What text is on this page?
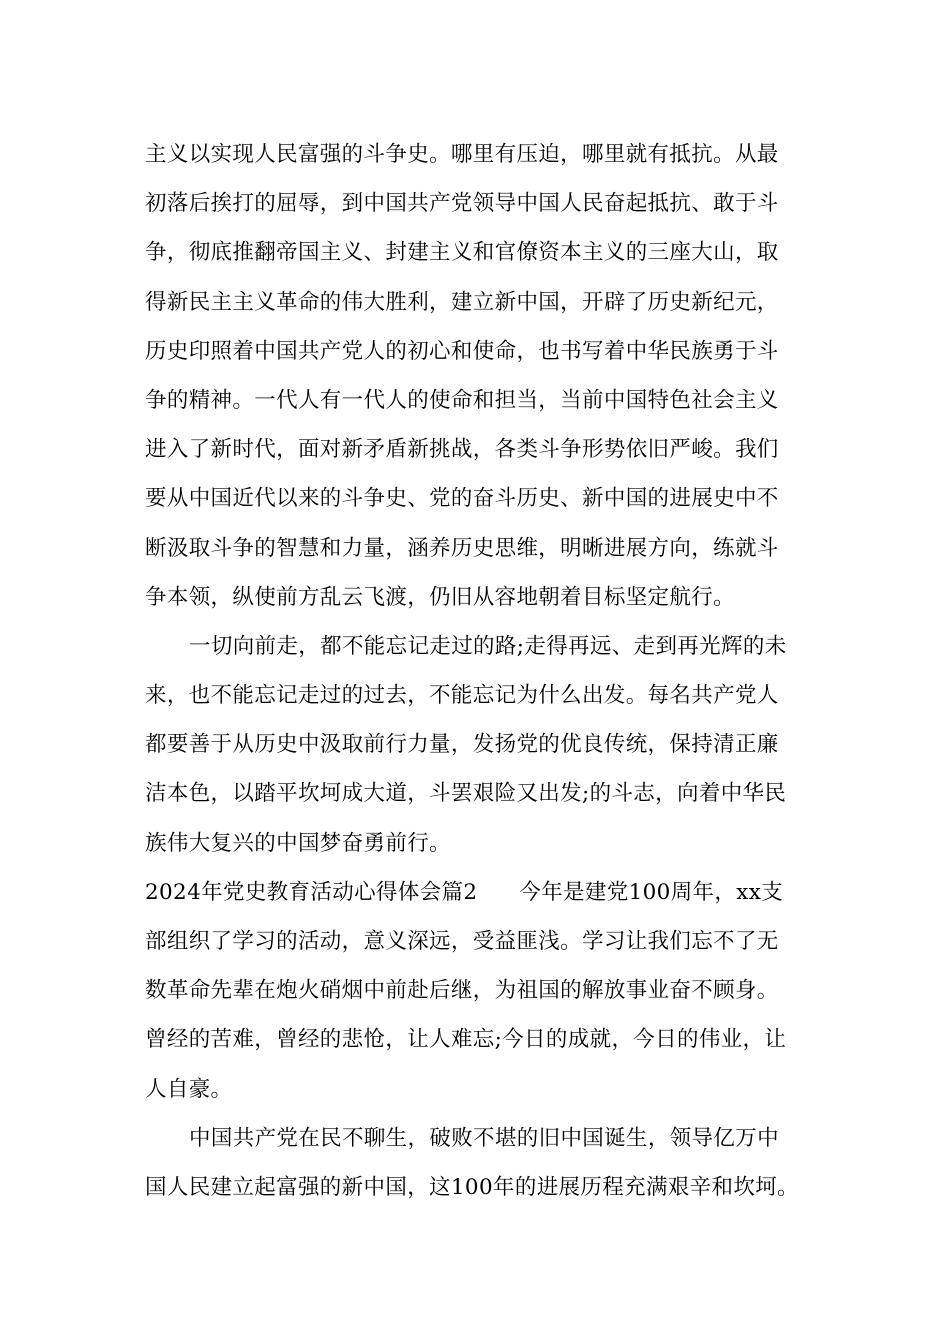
主义以实现人民富强的斗争史。哪里有压迫，哪里就有抵抗。从最
初落后挨打的屈辱，到中国共产党领导中国人民奋起抵抗、敢于斗
争，彻底推翻帝国主义、封建主义和官僚资本主义的三座大山，取
得新民主主义革命的伟大胜利，建立新中国，开辟了历史新纪元，
历史印照着中国共产党人的初心和使命，也书写着中华民族勇于斗
争的精神。一代人有一代人的使命和担当，当前中国特色社会主义
进入了新时代，面对新矛盾新挑战，各类斗争形势依旧严峻。我们
要从中国近代以来的斗争史、党的奋斗历史、新中国的进展史中不
断汲取斗争的智慧和力量，涵养历史思维，明晰进展方向，练就斗
争本领，纵使前方乱云飞渡，仍旧从容地朝着目标坚定航行。
一切向前走，都不能忘记走过的路;走得再远、走到再光辉的未
来，也不能忘记走过的过去，不能忘记为什么出发。每名共产党人
都要善于从历史中汲取前行力量，发扬党的优良传统，保持清正廉
洁本色，以踏平坎坷成大道，斗罢艰险又出发;的斗志，向着中华民
族伟大复兴的中国梦奋勇前行。
2024年党史教育活动心得体会篇2 今年是建党100周年，xx支
部组织了学习的活动，意义深远，受益匪浅。学习让我们忘不了无
数革命先辈在炮火硝烟中前赴后继，为祖国的解放事业奋不顾身。
曾经的苦难，曾经的悲怆，让人难忘;今日的成就，今日的伟业，让
人自豪。
中国共产党在民不聊生，破败不堪的旧中国诞生，领导亿万中
国人民建立起富强的新中国，这100年的进展历程充满艰辛和坎坷。
